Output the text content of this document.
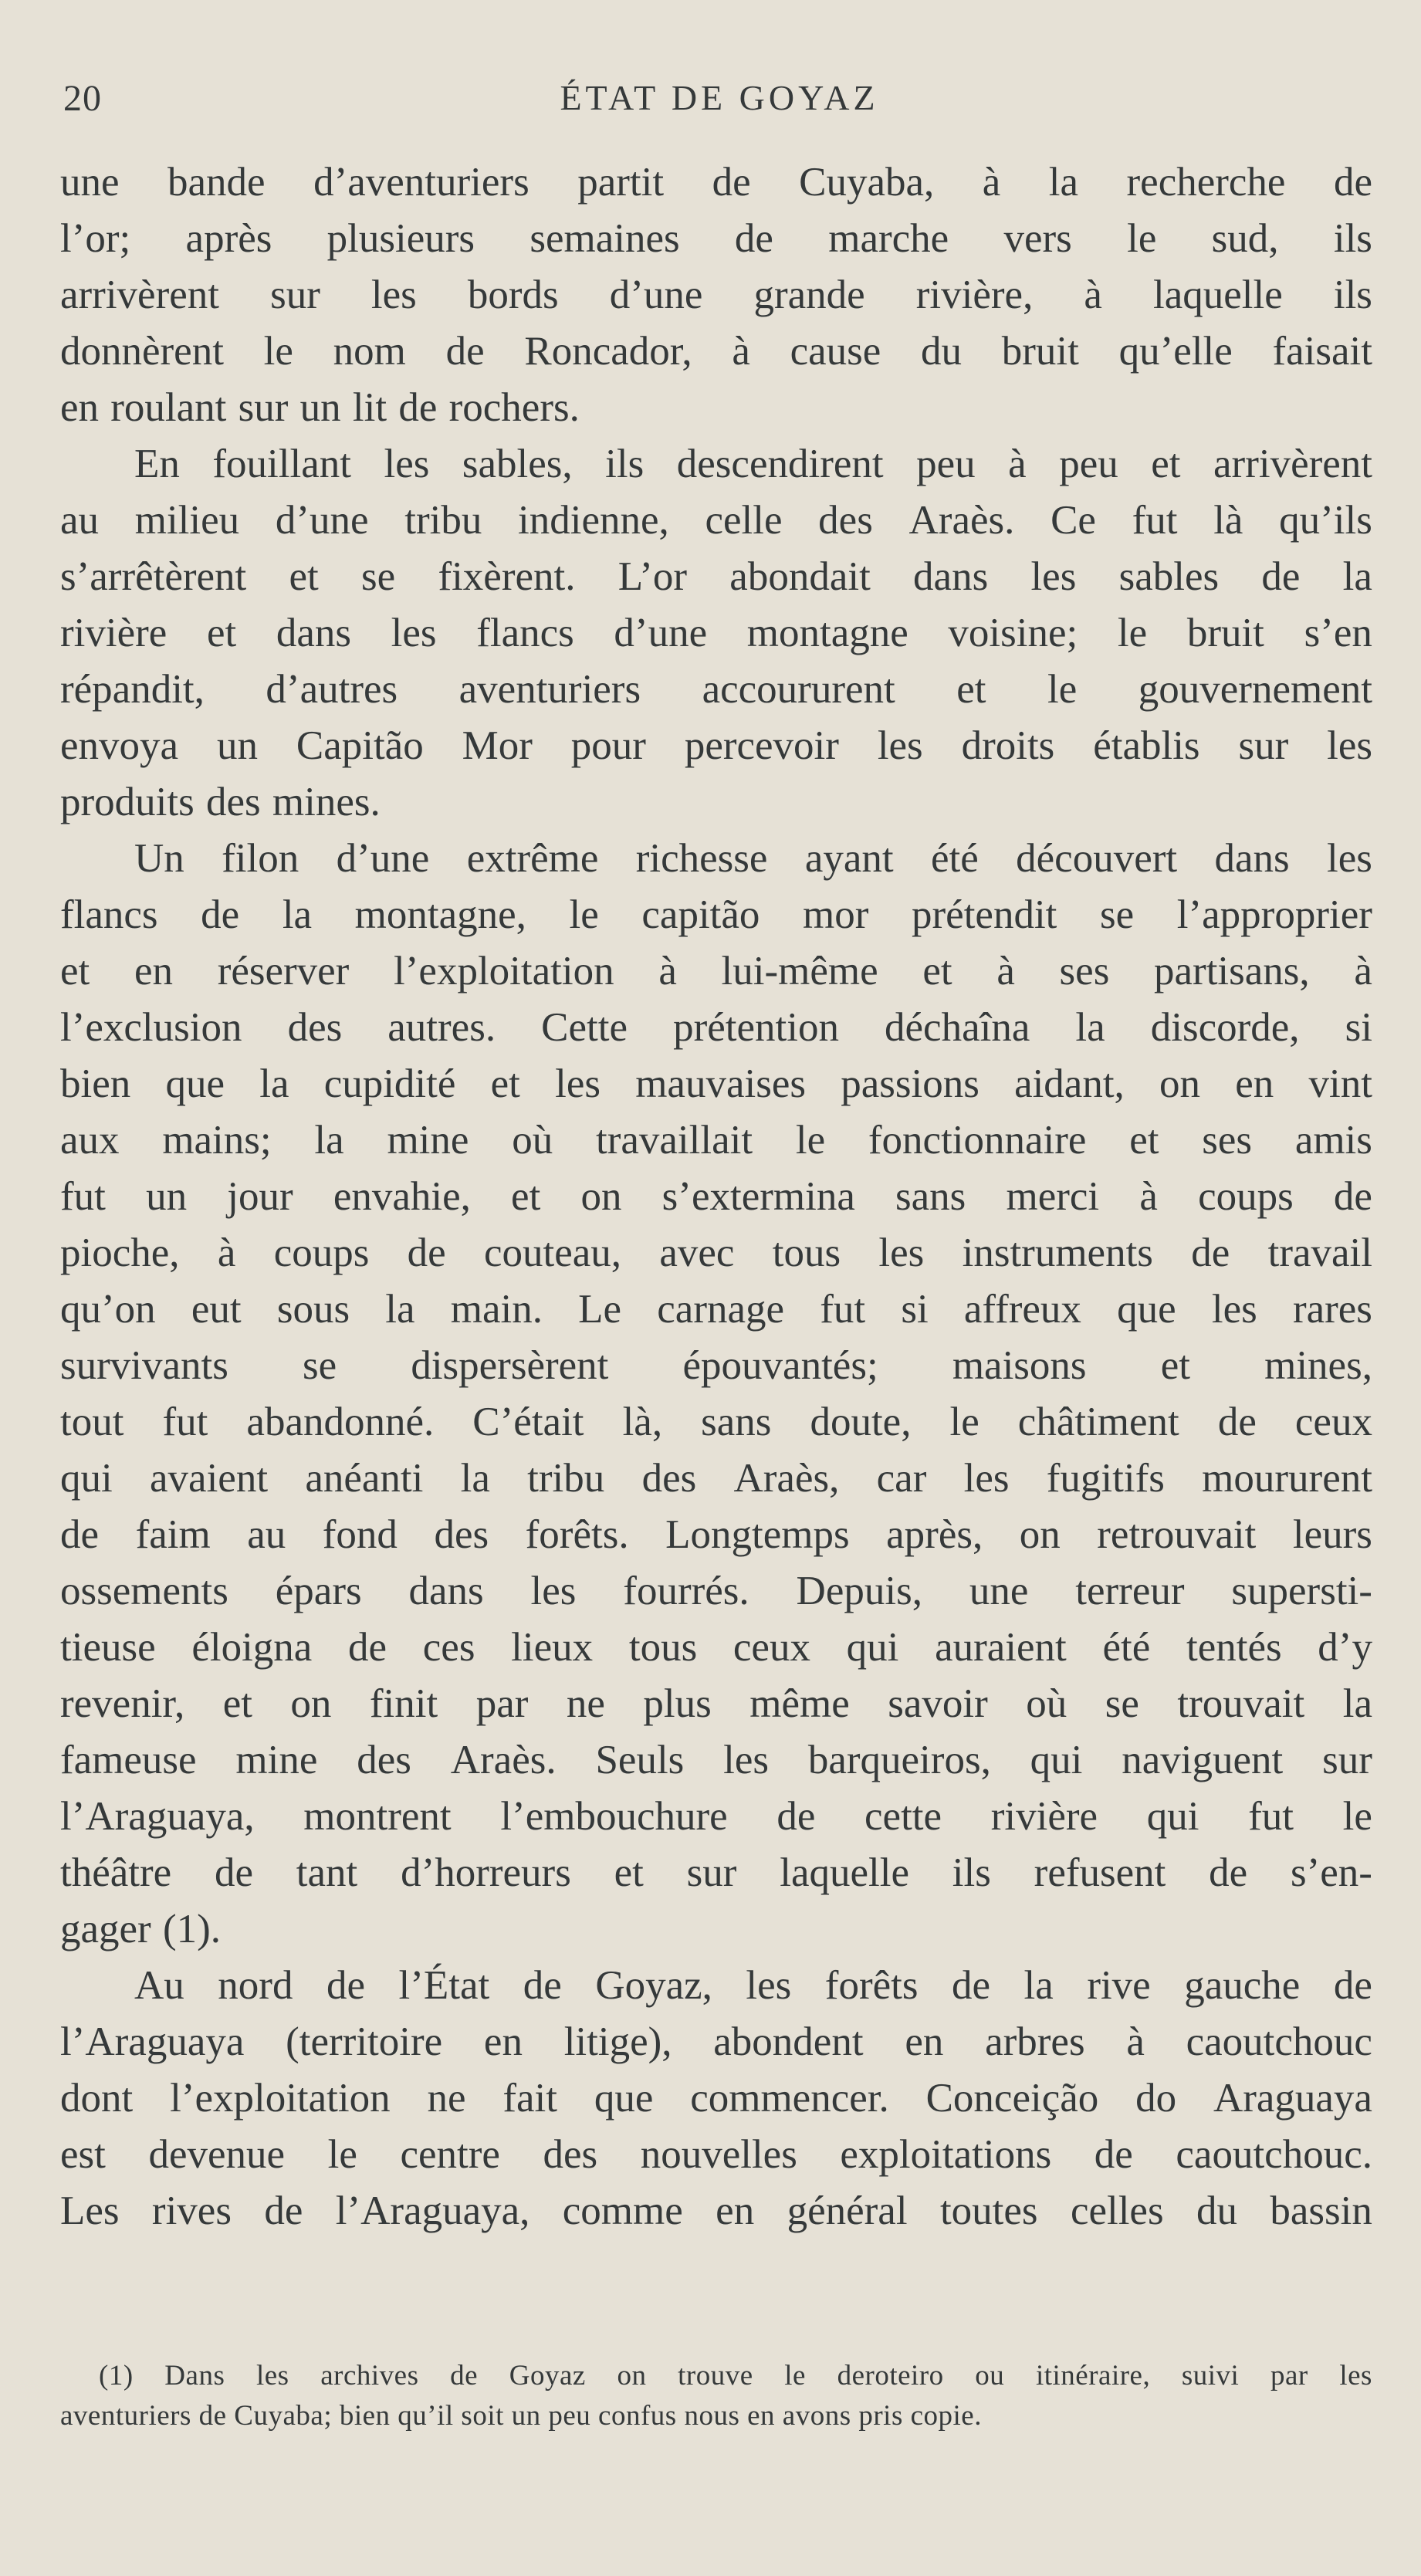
20	ÉTAT DE GOYAZ
une bande d’aventuriers partit de Cuyaba, à la recherche de
l’or; après plusieurs semaines de marche vers le sud, ils
arrivèrent sur les bords d’une grande rivière, à laquelle ils
donnèrent le nom de Roncador, à cause du bruit qu’elle faisait
en roulant sur un lit de rochers.
En fouillant les sables, ils descendirent peu à peu et arrivèrent
au milieu d’une tribu indienne, celle des Araès. Ce fut là qu’ils
s’arrêtèrent et se fixèrent. L’or abondait dans les sables de la
rivière et dans les flancs d’une montagne voisine; le bruit s’en
répandit, d’autres aventuriers accoururent et le gouvernement
envoya un Capitão Mor pour percevoir les droits établis sur les
produits des mines.
Un filon d’une extrême richesse ayant été découvert dans les
flancs de la montagne, le capitão mor prétendit se l’approprier
et en réserver l’exploitation à lui-même et à ses partisans, à
l’exclusion des autres. Cette prétention déchaîna la discorde, si
bien que la cupidité et les mauvaises passions aidant, on en vint
aux mains; la mine où travaillait le fonctionnaire et ses amis
fut un jour envahie, et on s’extermina sans merci à coups de
pioche, à coups de couteau, avec tous les instruments de travail
qu’on eut sous la main. Le carnage fut si affreux que les rares
survivants se dispersèrent épouvantés; maisons et mines,
tout fut abandonné. C’était là, sans doute, le châtiment de ceux
qui avaient anéanti la tribu des Araès, car les fugitifs moururent
de faim au fond des forêts. Longtemps après, on retrouvait leurs
ossements épars dans les fourrés. Depuis, une terreur supersti-
tieuse éloigna de ces lieux tous ceux qui auraient été tentés d’y
revenir, et on finit par ne plus même savoir où se trouvait la
fameuse mine des Araès. Seuls les barqueiros, qui naviguent sur
l’Araguaya, montrent l’embouchure de cette rivière qui fut le
théâtre de tant d’horreurs et sur laquelle ils refusent de s’en-
gager (1).
Au nord de l’État de Goyaz, les forêts de la rive gauche de
l’Araguaya (territoire en litige), abondent en arbres à caoutchouc
dont l’exploitation ne fait que commencer. Conceição do Araguaya
est devenue le centre des nouvelles exploitations de caoutchouc.
Les rives de l’Araguaya, comme en général toutes celles du bassin
(1) Dans les archives de Goyaz on trouve le deroteiro ou itinéraire, suivi par les
aventuriers de Cuyaba; bien qu’il soit un peu confus nous en avons pris copie.
